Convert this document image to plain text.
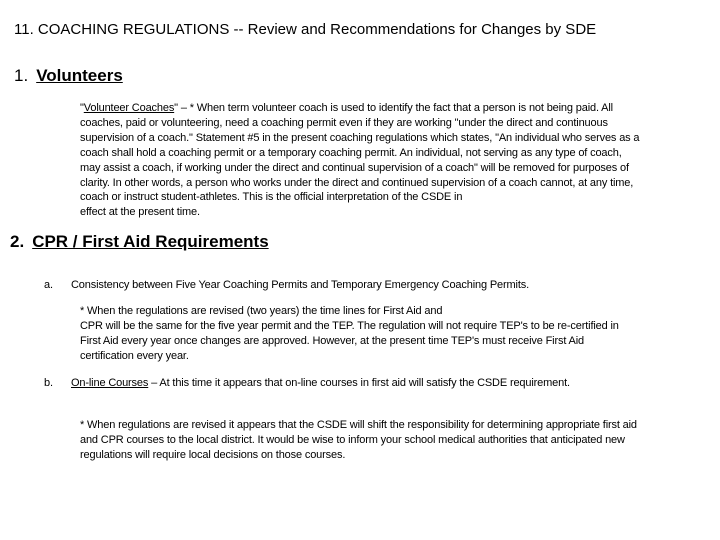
11. COACHING REGULATIONS -- Review and Recommendations for Changes by SDE
1. Volunteers
"Volunteer Coaches" – * When term volunteer coach is used to identify the fact that a person is not being paid. All
coaches, paid or volunteering, need a coaching permit even if they are working "under the direct and continuous
supervision of a coach." Statement #5 in the present coaching regulations which states, "An individual who serves as a
coach shall hold a coaching permit or a temporary coaching permit. An individual, not serving as any type of coach,
may assist a coach, if working under the direct and continual supervision of a coach" will be removed for purposes of
clarity. In other words, a person who works under the direct and continued supervision of a coach cannot, at any time,
coach or instruct student-athletes. This is the official interpretation of the CSDE in
effect at the present time.
2. CPR / First Aid Requirements
a. Consistency between Five Year Coaching Permits and Temporary Emergency Coaching Permits.
* When the regulations are revised (two years) the time lines for First Aid and
CPR will be the same for the five year permit and the TEP. The regulation will not require TEP's to be re-certified in
First Aid every year once changes are approved. However, at the present time TEP's must receive First Aid
certification every year.
b. On-line Courses – At this time it appears that on-line courses in first aid will satisfy the CSDE requirement.
* When regulations are revised it appears that the CSDE will shift the responsibility for determining appropriate first aid
and CPR courses to the local district. It would be wise to inform your school medical authorities that anticipated new
regulations will require local decisions on those courses.
